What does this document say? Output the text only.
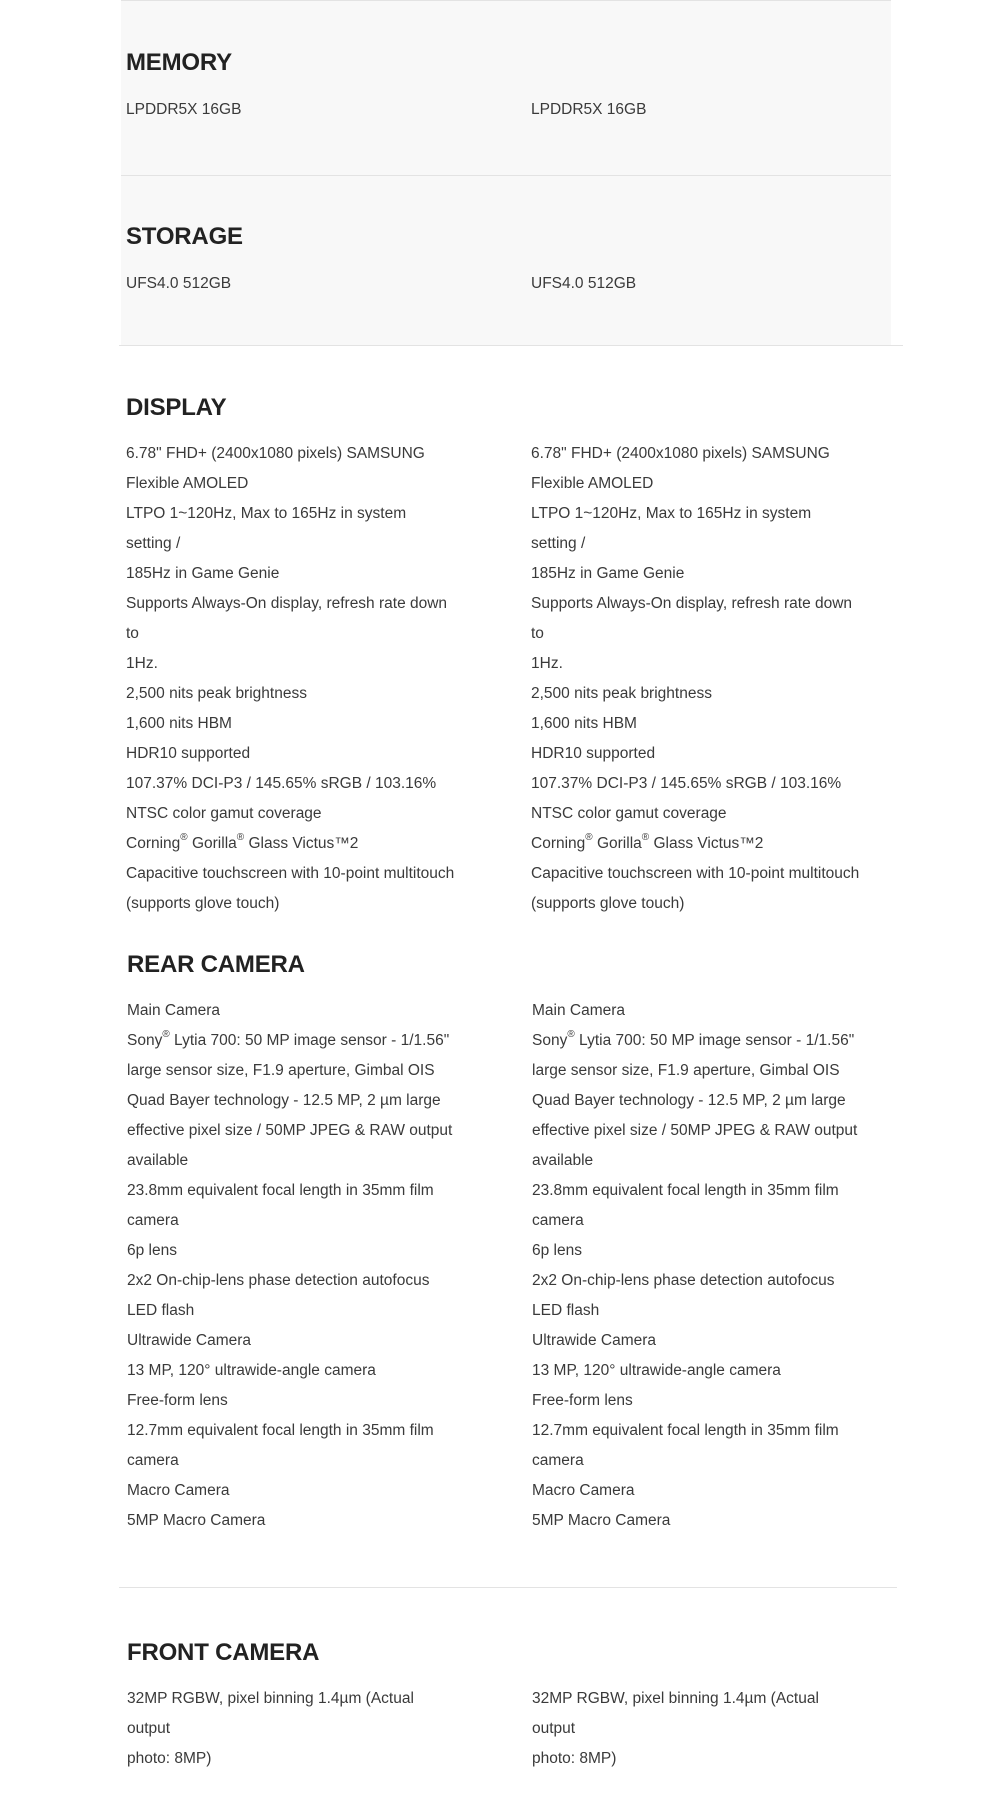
MEMORY
LPDDR5X 16GB	LPDDR5X 16GB
STORAGE
UFS4.0 512GB	UFS4.0 512GB
DISPLAY
6.78" FHD+ (2400x1080 pixels) SAMSUNG
Flexible AMOLED
LTPO 1~120Hz, Max to 165Hz in system setting /
185Hz in Game Genie
Supports Always-On display, refresh rate down to
1Hz.
2,500 nits peak brightness
1,600 nits HBM
HDR10 supported
107.37% DCI-P3 / 145.65% sRGB / 103.16%
NTSC color gamut coverage
Corning® Gorilla® Glass Victus™2
Capacitive touchscreen with 10-point multitouch
(supports glove touch)
6.78" FHD+ (2400x1080 pixels) SAMSUNG
Flexible AMOLED
LTPO 1~120Hz, Max to 165Hz in system setting /
185Hz in Game Genie
Supports Always-On display, refresh rate down to
1Hz.
2,500 nits peak brightness
1,600 nits HBM
HDR10 supported
107.37% DCI-P3 / 145.65% sRGB / 103.16%
NTSC color gamut coverage
Corning® Gorilla® Glass Victus™2
Capacitive touchscreen with 10-point multitouch
(supports glove touch)
REAR CAMERA
Main Camera
Sony® Lytia 700: 50 MP image sensor - 1/1.56"
large sensor size, F1.9 aperture, Gimbal OIS
Quad Bayer technology - 12.5 MP, 2 µm large
effective pixel size / 50MP JPEG & RAW output
available
23.8mm equivalent focal length in 35mm film
camera
6p lens
2x2 On-chip-lens phase detection autofocus
LED flash
Ultrawide Camera
13 MP, 120° ultrawide-angle camera
Free-form lens
12.7mm equivalent focal length in 35mm film
camera
Macro Camera
5MP Macro Camera
Main Camera
Sony® Lytia 700: 50 MP image sensor - 1/1.56"
large sensor size, F1.9 aperture, Gimbal OIS
Quad Bayer technology - 12.5 MP, 2 µm large
effective pixel size / 50MP JPEG & RAW output
available
23.8mm equivalent focal length in 35mm film
camera
6p lens
2x2 On-chip-lens phase detection autofocus
LED flash
Ultrawide Camera
13 MP, 120° ultrawide-angle camera
Free-form lens
12.7mm equivalent focal length in 35mm film
camera
Macro Camera
5MP Macro Camera
FRONT CAMERA
32MP RGBW, pixel binning 1.4µm (Actual output
photo: 8MP)
32MP RGBW, pixel binning 1.4µm (Actual output
photo: 8MP)
